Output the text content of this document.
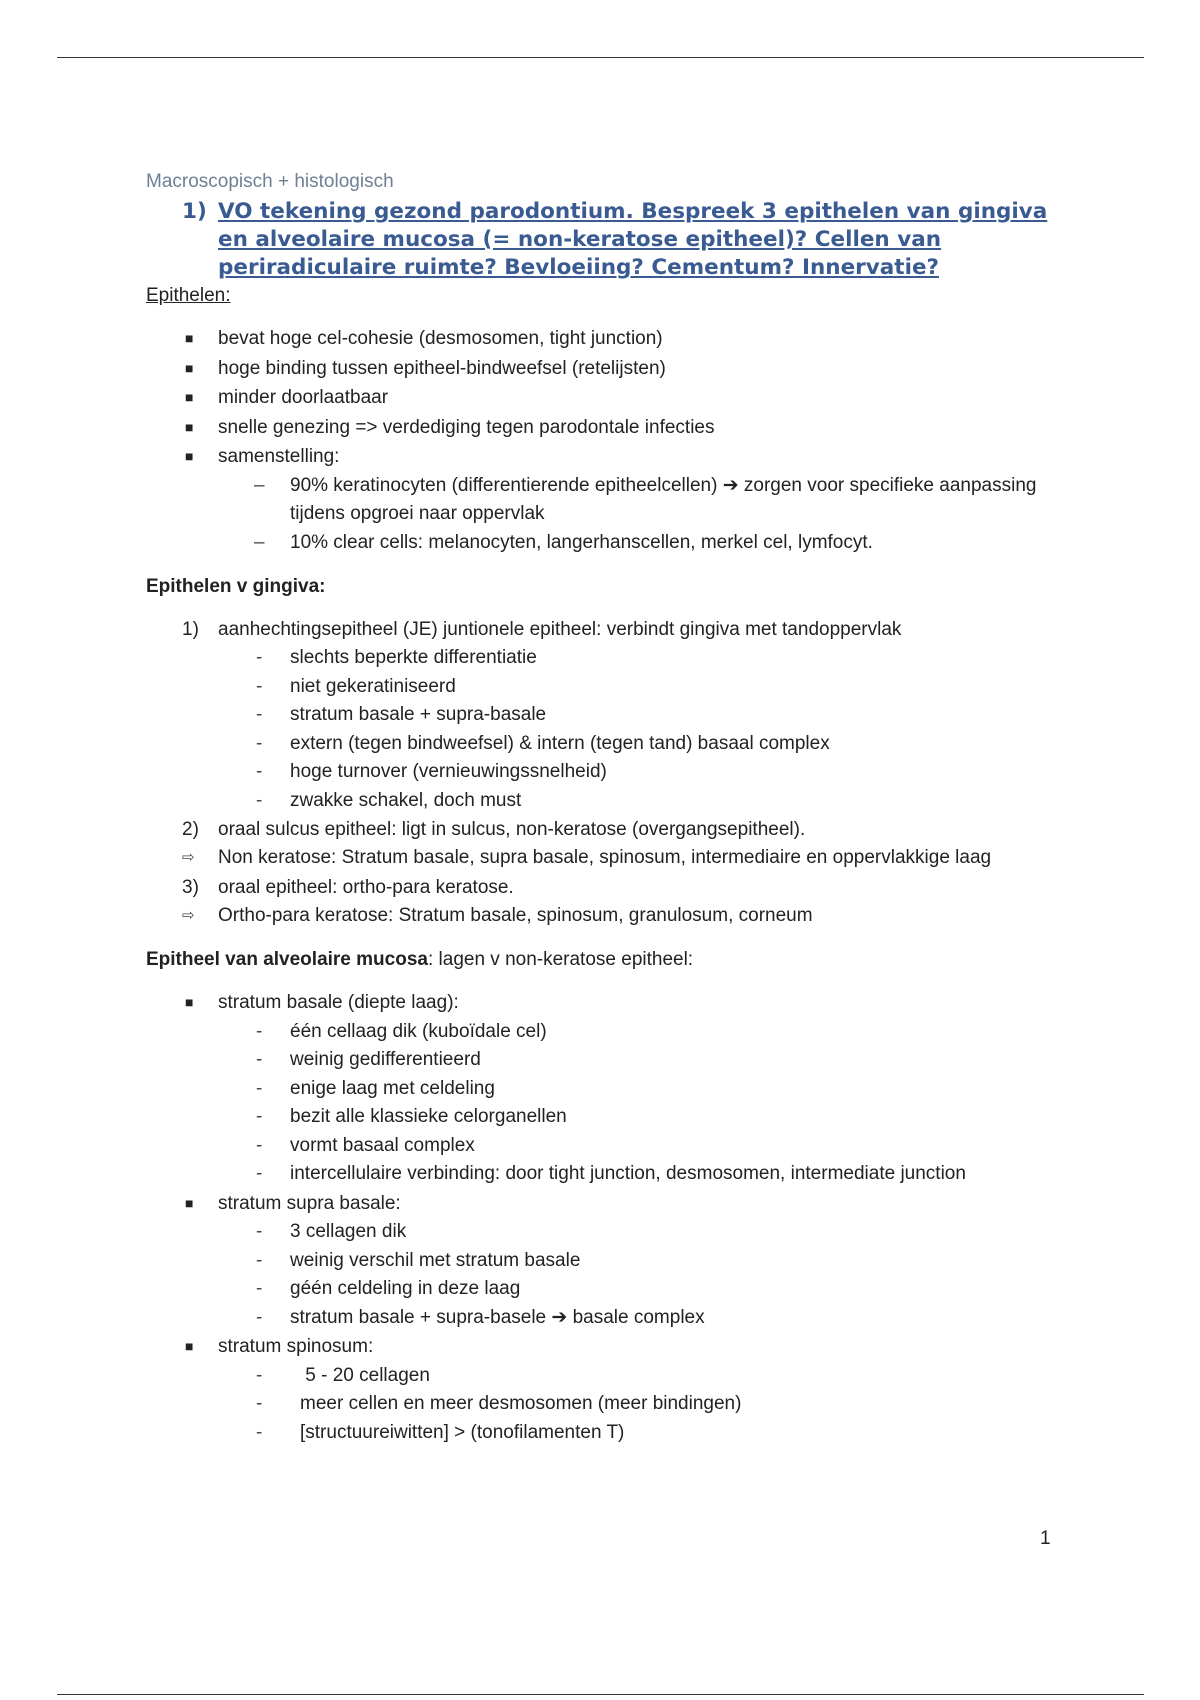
Macroscopisch + histologisch
1) VO tekening gezond parodontium. Bespreek 3 epithelen van gingiva en alveolaire mucosa (= non-keratose epitheel)? Cellen van periradiculaire ruimte? Bevloeiing? Cementum? Innervatie?
Epithelen:
■ bevat hoge cel-cohesie (desmosomen, tight junction)
■ hoge binding tussen epitheel-bindweefsel (retelijsten)
■ minder doorlaatbaar
■ snelle genezing => verdediging tegen parodontale infecties
■ samenstelling:
– 90% keratinocyten (differentierende epitheelcellen) ➔ zorgen voor specifieke aanpassing tijdens opgroei naar oppervlak
– 10% clear cells: melanocyten, langerhanscellen, merkel cel, lymfocyt.
Epithelen v gingiva:
1) aanhechtingsepitheel (JE) juntionele epitheel: verbindt gingiva met tandoppervlak
- slechts beperkte differentiatie
- niet gekeratiniseerd
- stratum basale + supra-basale
- extern (tegen bindweefsel) & intern (tegen tand) basaal complex
- hoge turnover (vernieuwingssnelheid)
- zwakke schakel, doch must
2) oraal sulcus epitheel: ligt in sulcus, non-keratose (overgangsepitheel).
⇨ Non keratose: Stratum basale, supra basale, spinosum, intermediaire en oppervlakkige laag
3) oraal epitheel: ortho-para keratose.
⇨ Ortho-para keratose: Stratum basale, spinosum, granulosum, corneum
Epitheel van alveolaire mucosa: lagen v non-keratose epitheel:
■ stratum basale (diepte laag):
- één cellaag dik (kuboïdale cel)
- weinig gedifferentieerd
- enige laag met celdeling
- bezit alle klassieke celorganellen
- vormt basaal complex
- intercellulaire verbinding: door tight junction, desmosomen, intermediate junction
■ stratum supra basale:
- 3 cellagen dik
- weinig verschil met stratum basale
- géén celdeling in deze laag
- stratum basale + supra-basele ➔ basale complex
■ stratum spinosum:
- 5 - 20 cellagen
- meer cellen en meer desmosomen (meer bindingen)
- [structuureiwitten] > (tonofilamenten T)
1
